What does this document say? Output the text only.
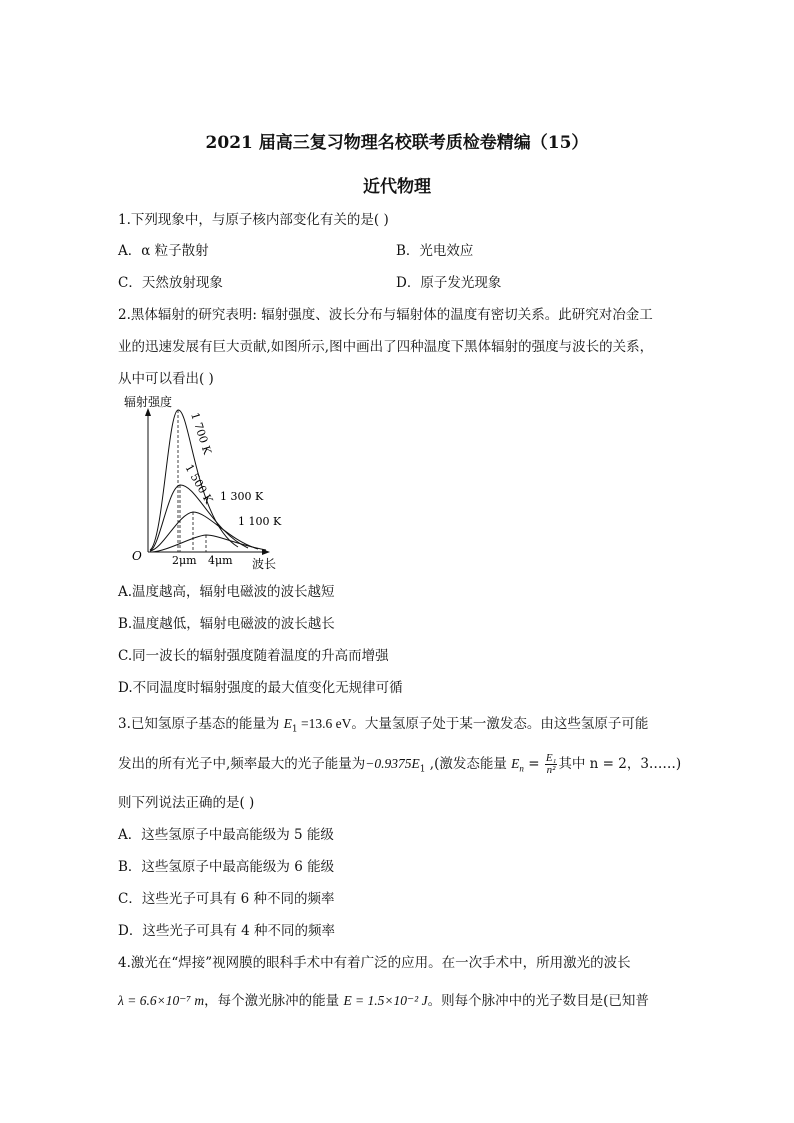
2021 届高三复习物理名校联考质检卷精编（15）
近代物理
1.下列现象中，与原子核内部变化有关的是( )
A．α 粒子散射	B．光电效应
C．天然放射现象	D．原子发光现象
2.黑体辐射的研究表明: 辐射强度、波长分布与辐射体的温度有密切关系。此研究对冶金工
业的迅速发展有巨大贡献,如图所示,图中画出了四种温度下黑体辐射的强度与波长的关系，
从中可以看出( )
辐射强度
O
波长
2μm 4μm
1 700 K
1 500 K 1 300 K
1 100 K
A.温度越高，辐射电磁波的波长越短
B.温度越低，辐射电磁波的波长越长
C.同一波长的辐射强度随着温度的升高而增强
D.不同温度时辐射强度的最大值变化无规律可循
3.已知氢原子基态的能量为 $E_1 =13.6$ eV。大量氢原子处于某一激发态。由这些氢原子可能
发出的所有光子中,频率最大的光子能量为$-0.9375E_1$ ,(激发态能量 $E_n = \frac{\text{E₁}}{\text{n²}}$ 其中 n = 2，3……)
则下列说法正确的是( )
A．这些氢原子中最高能级为 5 能级
B．这些氢原子中最高能级为 6 能级
C．这些光子可具有 6 种不同的频率
D．这些光子可具有 4 种不同的频率
4.激光在“焊接”视网膜的眼科手术中有着广泛的应用。在一次手术中，所用激光的波长
λ = 6.6×10⁻⁷ m，每个激光脉冲的能量 E = 1.5×10⁻² J。则每个脉冲中的光子数目是(已知普
